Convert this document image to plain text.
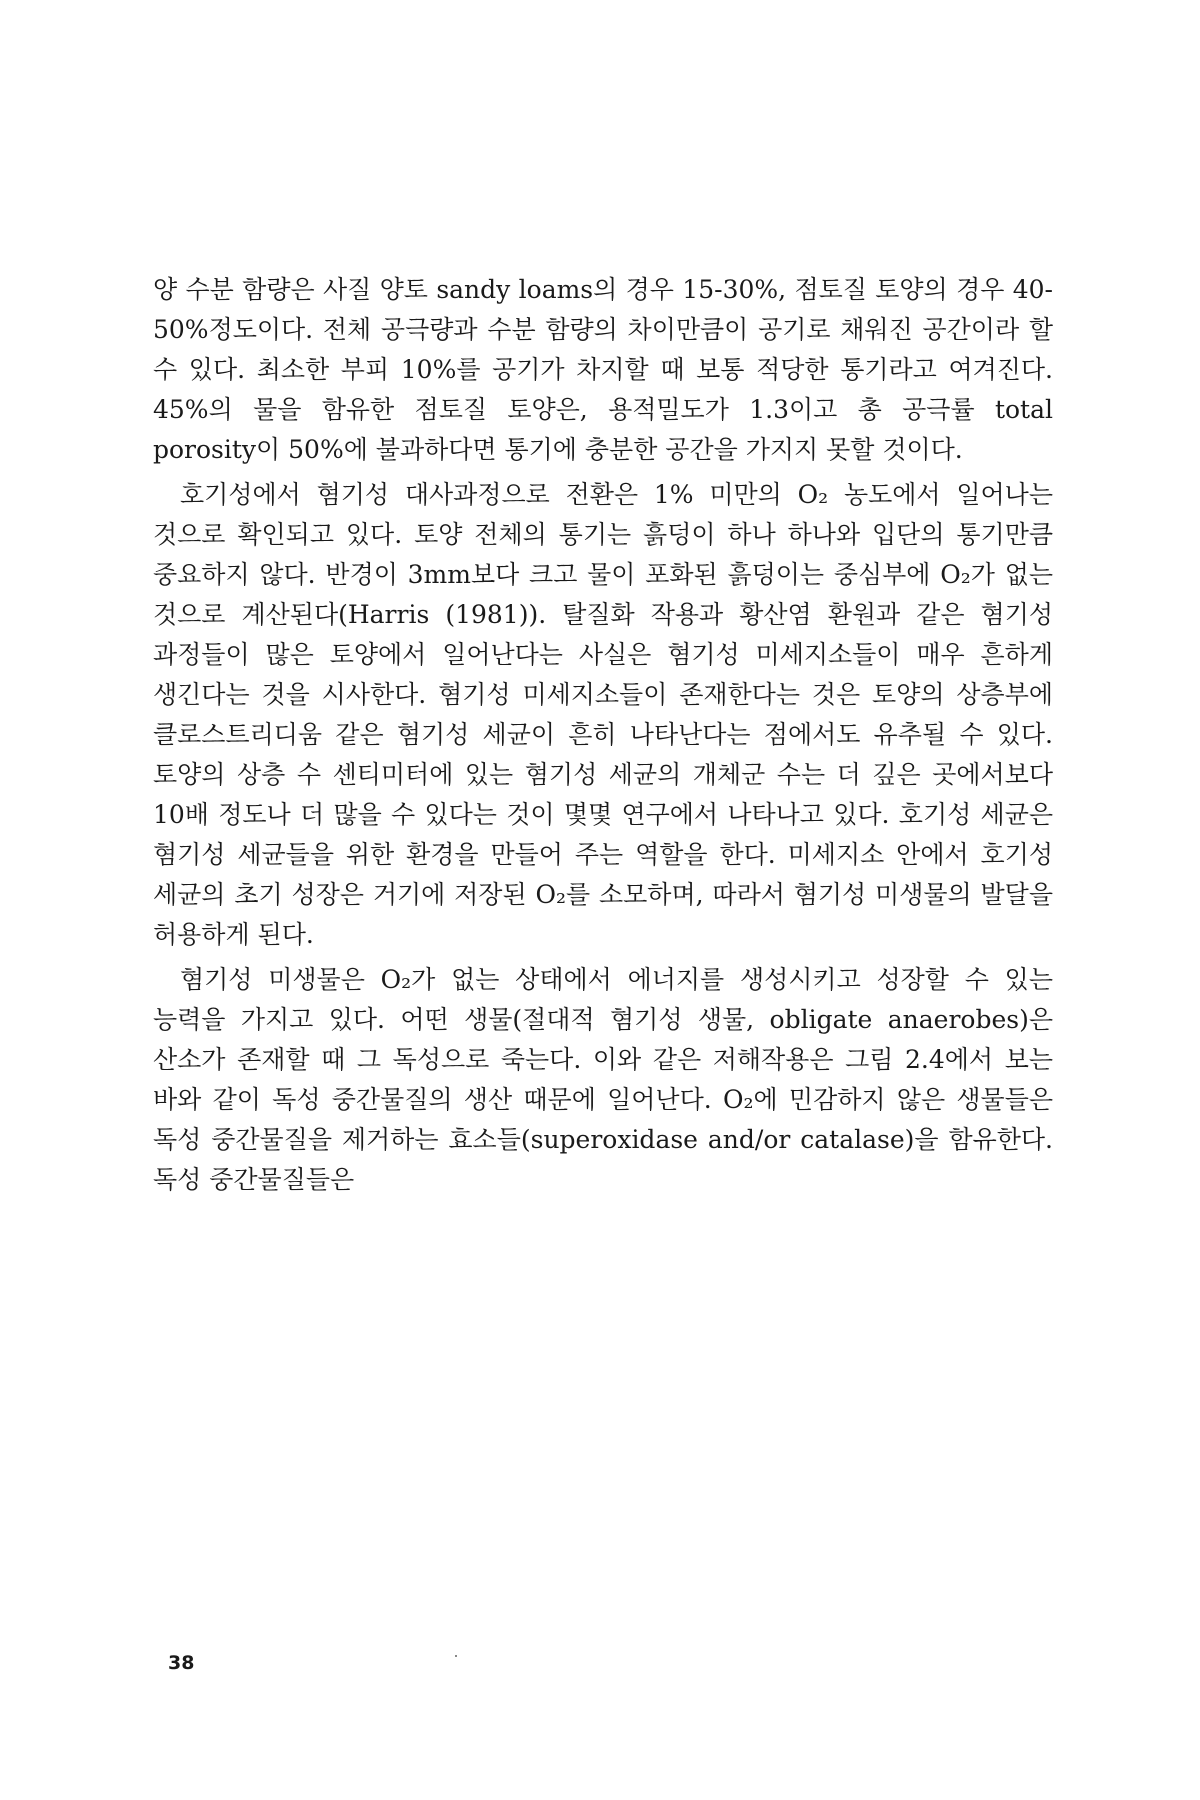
양 수분 함량은 사질 양토 sandy loams의 경우 15-30%, 점토질 토양의 경우 40-50%정도이다. 전체 공극량과 수분 함량의 차이만큼이 공기로 채워진 공간이라 할 수 있다. 최소한 부피 10%를 공기가 차지할 때 보통 적당한 통기라고 여겨진다. 45%의 물을 함유한 점토질 토양은, 용적밀도가 1.3이고 총 공극률 total porosity이 50%에 불과하다면 통기에 충분한 공간을 가지지 못할 것이다.

호기성에서 혐기성 대사과정으로 전환은 1% 미만의 O₂ 농도에서 일어나는 것으로 확인되고 있다. 토양 전체의 통기는 흙덩이 하나 하나와 입단의 통기만큼 중요하지 않다. 반경이 3mm보다 크고 물이 포화된 흙덩이는 중심부에 O₂가 없는 것으로 계산된다(Harris (1981)). 탈질화 작용과 황산염 환원과 같은 혐기성 과정들이 많은 토양에서 일어난다는 사실은 혐기성 미세지소들이 매우 흔하게 생긴다는 것을 시사한다. 혐기성 미세지소들이 존재한다는 것은 토양의 상층부에 클로스트리디움 같은 혐기성 세균이 흔히 나타난다는 점에서도 유추될 수 있다. 토양의 상층 수 센티미터에 있는 혐기성 세균의 개체군 수는 더 깊은 곳에서보다 10배 정도나 더 많을 수 있다는 것이 몇몇 연구에서 나타나고 있다. 호기성 세균은 혐기성 세균들을 위한 환경을 만들어 주는 역할을 한다. 미세지소 안에서 호기성 세균의 초기 성장은 거기에 저장된 O₂를 소모하며, 따라서 혐기성 미생물의 발달을 허용하게 된다.

혐기성 미생물은 O₂가 없는 상태에서 에너지를 생성시키고 성장할 수 있는 능력을 가지고 있다. 어떤 생물(절대적 혐기성 생물, obligate anaerobes)은 산소가 존재할 때 그 독성으로 죽는다. 이와 같은 저해작용은 그림 2.4에서 보는 바와 같이 독성 중간물질의 생산 때문에 일어난다. O₂에 민감하지 않은 생물들은 독성 중간물질을 제거하는 효소들(superoxidase and/or catalase)을 함유한다. 독성 중간물질들은

38
